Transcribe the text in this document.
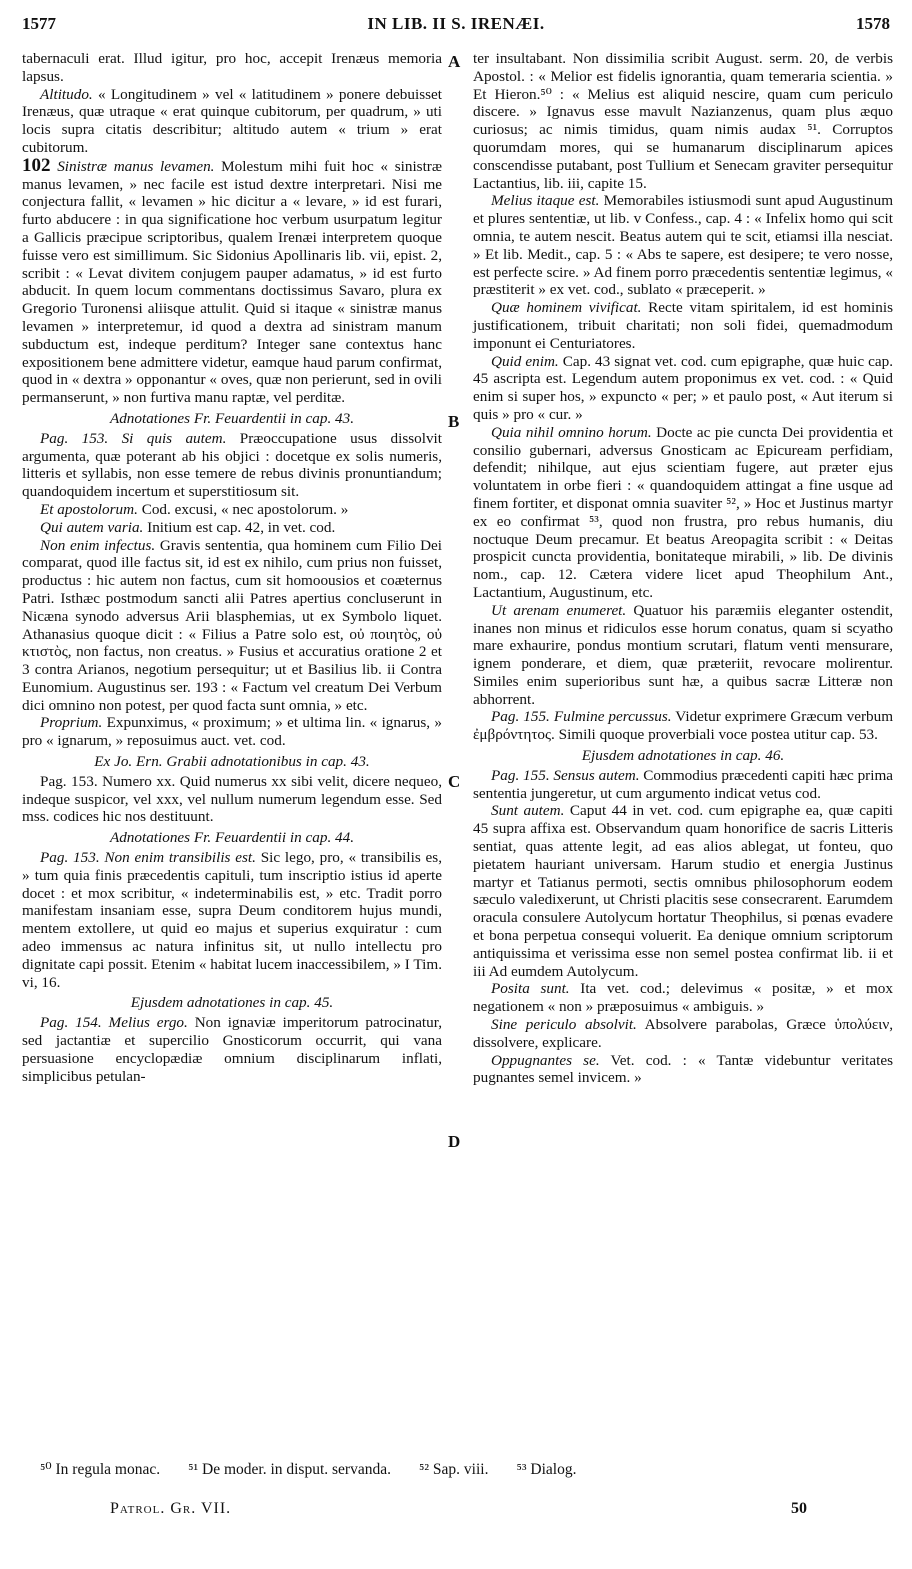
1577	IN LIB. II S. IRENÆI.	1578
A
B
C
D

tabernaculi erat. Illud igitur, pro hoc, accepit Irenæus memoria lapsus.

Altitudo. « Longitudinem » vel « latitudinem » ponere debuisset Irenæus, quæ utraque « erat quinque cubitorum, per quadrum, » uti locis supra citatis describitur; altitudo autem « trium » erat cubitorum.

102 Sinistræ manus levamen. Molestum mihi fuit hoc « sinistræ manus levamen, » nec facile est istud dextre interpretari. Nisi me conjectura fallit, « levamen » hic dicitur a « levare, » id est furari, furto abducere : in qua significatione hoc verbum usurpatum legitur a Gallicis præcipue scriptoribus, qualem Irenæi interpretem quoque fuisse vero est simillimum. Sic Sidonius Apollinaris lib. vii, epist. 2, scribit : « Levat divitem conjugem pauper adamatus, » id est furto abducit. In quem locum commentans doctissimus Savaro, plura ex Gregorio Turonensi aliisque attulit. Quid si itaque « sinistræ manus levamen » interpretemur, id quod a dextra ad sinistram manum subductum est, indeque perditum? Integer sane contextus hanc expositionem bene admittere videtur, eamque haud parum confirmat, quod in « dextra » opponantur « oves, quæ non perierunt, sed in ovili permanserunt, » non furtiva manu raptæ, vel perditæ.

Adnotationes Fr. Feuardentii in cap. 43.

Pag. 153. Si quis autem. Præoccupatione usus dissolvit argumenta, quæ poterant ab his objici : docetque ex solis numeris, litteris et syllabis, non esse temere de rebus divinis pronuntiandum; quandoquidem incertum et superstitiosum sit.

Et apostolorum. Cod. excusi, « nec apostolorum. »

Qui autem varia. Initium est cap. 42, in vet. cod.

Non enim infectus. Gravis sententia, qua hominem cum Filio Dei comparat, quod ille factus sit, id est ex nihilo, cum prius non fuisset, productus : hic autem non factus, cum sit homoousios et coæternus Patri. Isthæc postmodum sancti alii Patres apertius concluserunt in Nicæna synodo adversus Arii blasphemias, ut ex Symbolo liquet. Athanasius quoque dicit : « Filius a Patre solo est, οὐ ποιητὸς, οὐ κτιστὸς, non factus, non creatus. » Fusius et accuratius oratione 2 et 3 contra Arianos, negotium persequitur; ut et Basilius lib. ii Contra Eunomium. Augustinus ser. 193 : « Factum vel creatum Dei Verbum dici omnino non potest, per quod facta sunt omnia, » etc.

Proprium. Expunximus, « proximum; » et ultima lin. « ignarus, » pro « ignarum, » reposuimus auct. vet. cod.

Ex Jo. Ern. Grabii adnotationibus in cap. 43.

Pag. 153. Numero xx. Quid numerus xx sibi velit, dicere nequeo, indeque suspicor, vel xxx, vel nullum numerum legendum esse. Sed mss. codices hic nos destituunt.

Adnotationes Fr. Feuardentii in cap. 44.

Pag. 153. Non enim transibilis est. Sic lego, pro, « transibilis es, » tum quia finis præcedentis capituli, tum inscriptio istius id aperte docet : et mox scribitur, « indeterminabilis est, » etc. Tradit porro manifestam insaniam esse, supra Deum conditorem hujus mundi, mentem extollere, ut quid eo majus et superius exquiratur : cum adeo immensus ac natura infinitus sit, ut nullo intellectu pro dignitate capi possit. Etenim « habitat lucem inaccessibilem, » I Tim. vi, 16.

Ejusdem adnotationes in cap. 45.

Pag. 154. Melius ergo. Non ignaviæ imperitorum patrocinatur, sed jactantiæ et supercilio Gnosticorum occurrit, qui vana persuasione encyclopædiæ omnium disciplinarum inflati, simplicibus petulan-

ter insultabant. Non dissimilia scribit August. serm. 20, de verbis Apostol. : « Melior est fidelis ignorantia, quam temeraria scientia. » Et Hieron.⁵⁰ : « Melius est aliquid nescire, quam cum periculo discere. » Ignavus esse mavult Nazianzenus, quam plus æquo curiosus; ac nimis timidus, quam nimis audax ⁵¹. Corruptos quorumdam mores, qui se humanarum disciplinarum apices conscendisse putabant, post Tullium et Senecam graviter persequitur Lactantius, lib. iii, capite 15.

Melius itaque est. Memorabiles istiusmodi sunt apud Augustinum et plures sententiæ, ut lib. v Confess., cap. 4 : « Infelix homo qui scit omnia, te autem nescit. Beatus autem qui te scit, etiamsi illa nesciat. » Et lib. Medit., cap. 5 : « Abs te sapere, est desipere; te vero nosse, est perfecte scire. » Ad finem porro præcedentis sententiæ legimus, « præstiterit » ex vet. cod., sublato « præceperit. »

Quæ hominem vivificat. Recte vitam spiritalem, id est hominis justificationem, tribuit charitati; non soli fidei, quemadmodum imponunt ei Centuriatores.

Quid enim. Cap. 43 signat vet. cod. cum epigraphe, quæ huic cap. 45 ascripta est. Legendum autem proponimus ex vet. cod. : « Quid enim si super hos, » expuncto « per; » et paulo post, « Aut iterum si quis » pro « cur. »

Quia nihil omnino horum. Docte ac pie cuncta Dei providentia et consilio gubernari, adversus Gnosticam ac Epicuream perfidiam, defendit; nihilque, aut ejus scientiam fugere, aut præter ejus voluntatem in orbe fieri : « quandoquidem attingat a fine usque ad finem fortiter, et disponat omnia suaviter ⁵², » Hoc et Justinus martyr ex eo confirmat ⁵³, quod non frustra, pro rebus humanis, diu noctuque Deum precamur. Et beatus Areopagita scribit : « Deitas prospicit cuncta providentia, bonitateque mirabili, » lib. De divinis nom., cap. 12. Cætera videre licet apud Theophilum Ant., Lactantium, Augustinum, etc.

Ut arenam enumeret. Quatuor his paræmiis eleganter ostendit, inanes non minus et ridiculos esse horum conatus, quam si scyatho mare exhaurire, pondus montium scrutari, flatum venti mensurare, ignem ponderare, et diem, quæ præteriit, revocare molirentur. Similes enim superioribus sunt hæ, a quibus sacræ Litteræ non abhorrent.

Pag. 155. Fulmine percussus. Videtur exprimere Græcum verbum ἐμβρόντητος. Simili quoque proverbiali voce postea utitur cap. 53.

Ejusdem adnotationes in cap. 46.

Pag. 155. Sensus autem. Commodius præcedenti capiti hæc prima sententia jungeretur, ut cum argumento indicat vetus cod.

Sunt autem. Caput 44 in vet. cod. cum epigraphe ea, quæ capiti 45 supra affixa est. Observandum quam honorifice de sacris Litteris sentiat, quas attente legit, ad eas alios ablegat, ut fonteu, quo pietatem hauriant universam. Harum studio et energia Justinus martyr et Tatianus permoti, sectis omnibus philosophorum eodem sæculo valedixerunt, ut Christi placitis sese consecrarent. Earumdem oracula consulere Autolycum hortatur Theophilus, si pœnas evadere et bona perpetua consequi voluerit. Ea denique omnium scriptorum antiquissima et verissima esse non semel postea confirmat lib. ii et iii Ad eumdem Autolycum.

Posita sunt. Ita vet. cod.; delevimus « positæ, » et mox negationem « non » præposuimus « ambiguis. »

Sine periculo absolvit. Absolvere parabolas, Græce ὑπολύειν, dissolvere, explicare.

Oppugnantes se. Vet. cod. : « Tantæ videbuntur veritates pugnantes semel invicem. »

⁵⁰ In regula monac. ⁵¹ De moder. in disput. servanda. ⁵² Sap. viii. ⁵³ Dialog.
Patrol. Gr. VII.	50
